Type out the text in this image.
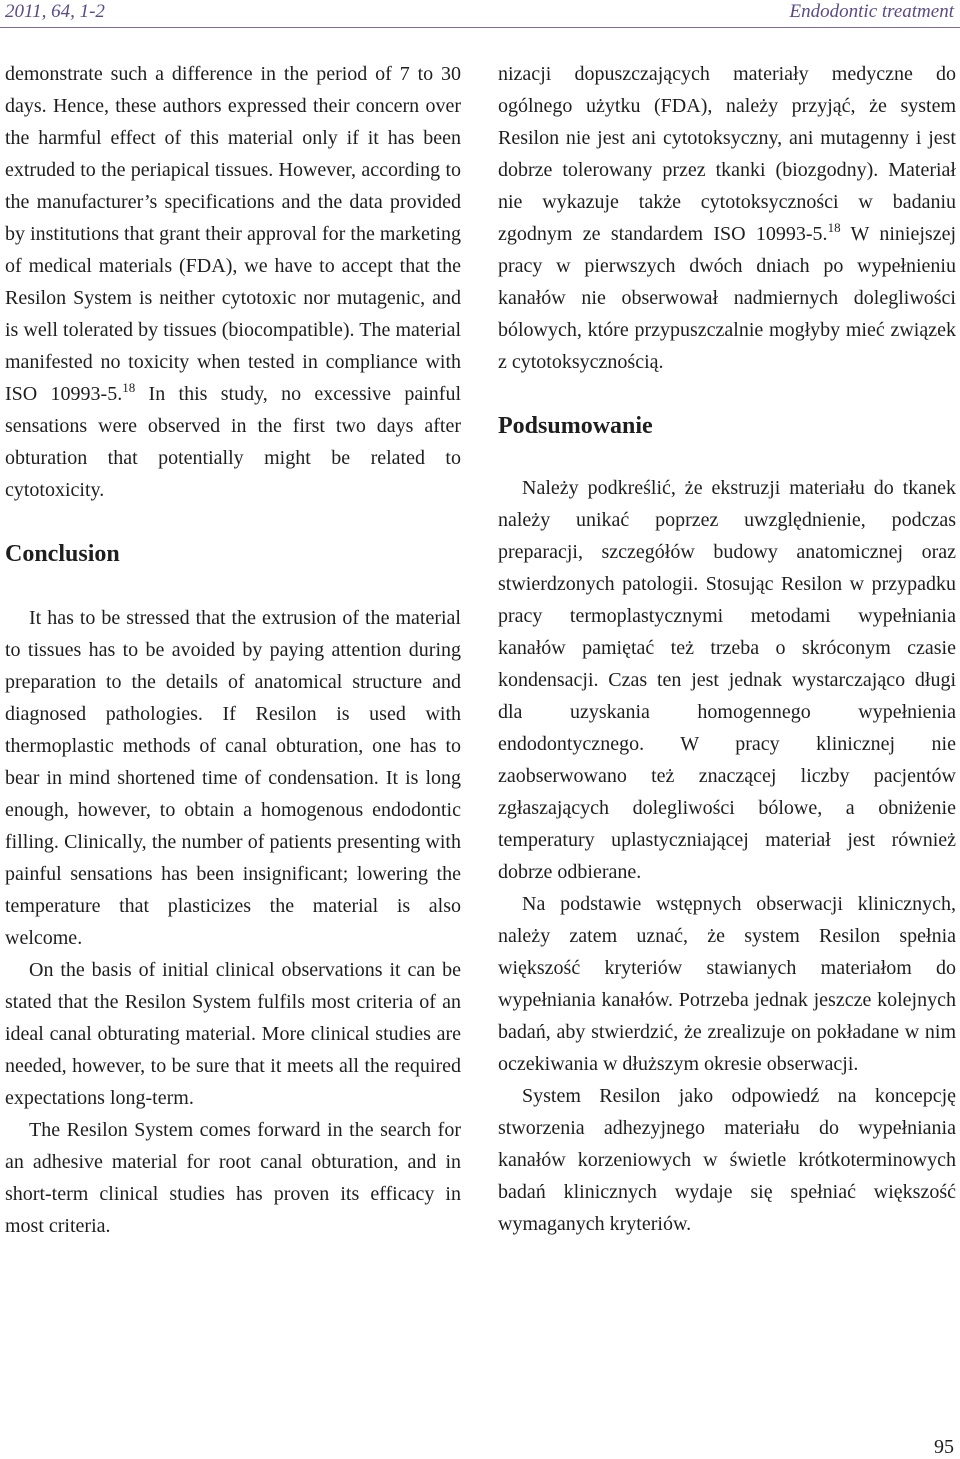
2011, 64, 1-2	Endodontic treatment

demonstrate such a difference in the period of 7 to 30 days. Hence, these authors expressed their concern over the harmful effect of this material only if it has been extruded to the periapical tissues. However, according to the manufacturer’s specifications and the data provided by institutions that grant their approval for the marketing of medical materials (FDA), we have to accept that the Resilon System is neither cytotoxic nor mutagenic, and is well tolerated by tissues (biocompatible). The material manifested no toxicity when tested in compliance with ISO 10993-5.18 In this study, no excessive painful sensations were observed in the first two days after obturation that potentially might be related to cytotoxicity.

Conclusion

It has to be stressed that the extrusion of the material to tissues has to be avoided by paying attention during preparation to the details of anatomical structure and diagnosed pathologies. If Resilon is used with thermoplastic methods of canal obturation, one has to bear in mind shortened time of condensation. It is long enough, however, to obtain a homogenous endodontic filling. Clinically, the number of patients presenting with painful sensations has been insignificant; lowering the temperature that plasticizes the material is also welcome.

On the basis of initial clinical observations it can be stated that the Resilon System fulfils most criteria of an ideal canal obturating material. More clinical studies are needed, however, to be sure that it meets all the required expectations long-term.

The Resilon System comes forward in the search for an adhesive material for root canal obturation, and in short-term clinical studies has proven its efficacy in most criteria.

nizacji dopuszczających materiały medyczne do ogólnego użytku (FDA), należy przyjąć, że system Resilon nie jest ani cytotoksyczny, ani mutagenny i jest dobrze tolerowany przez tkanki (biozgodny). Materiał nie wykazuje także cytotoksyczności w badaniu zgodnym ze standardem ISO 10993-5.18 W niniejszej pracy w pierwszych dwóch dniach po wypełnieniu kanałów nie obserwował nadmiernych dolegliwości bólowych, które przypuszczalnie mogłyby mieć związek z cytotoksycznością.

Podsumowanie

Należy podkreślić, że ekstruzji materiału do tkanek należy unikać poprzez uwzględnienie, podczas preparacji, szczegółów budowy anatomicznej oraz stwierdzonych patologii. Stosując Resilon w przypadku pracy termoplastycznymi metodami wypełniania kanałów pamiętać też trzeba o skróconym czasie kondensacji. Czas ten jest jednak wystarczająco długi dla uzyskania homogennego wypełnienia endodontycznego. W pracy klinicznej nie zaobserwowano też znaczącej liczby pacjentów zgłaszających dolegliwości bólowe, a obniżenie temperatury uplastyczniającej materiał jest również dobrze odbierane.

Na podstawie wstępnych obserwacji klinicznych, należy zatem uznać, że system Resilon spełnia większość kryteriów stawianych materiałom do wypełniania kanałów. Potrzeba jednak jeszcze kolejnych badań, aby stwierdzić, że zrealizuje on pokładane w nim oczekiwania w dłuższym okresie obserwacji.

System Resilon jako odpowiedź na koncepcję stworzenia adhezyjnego materiału do wypełniania kanałów korzeniowych w świetle krótkoterminowych badań klinicznych wydaje się spełniać większość wymaganych kryteriów.

95
